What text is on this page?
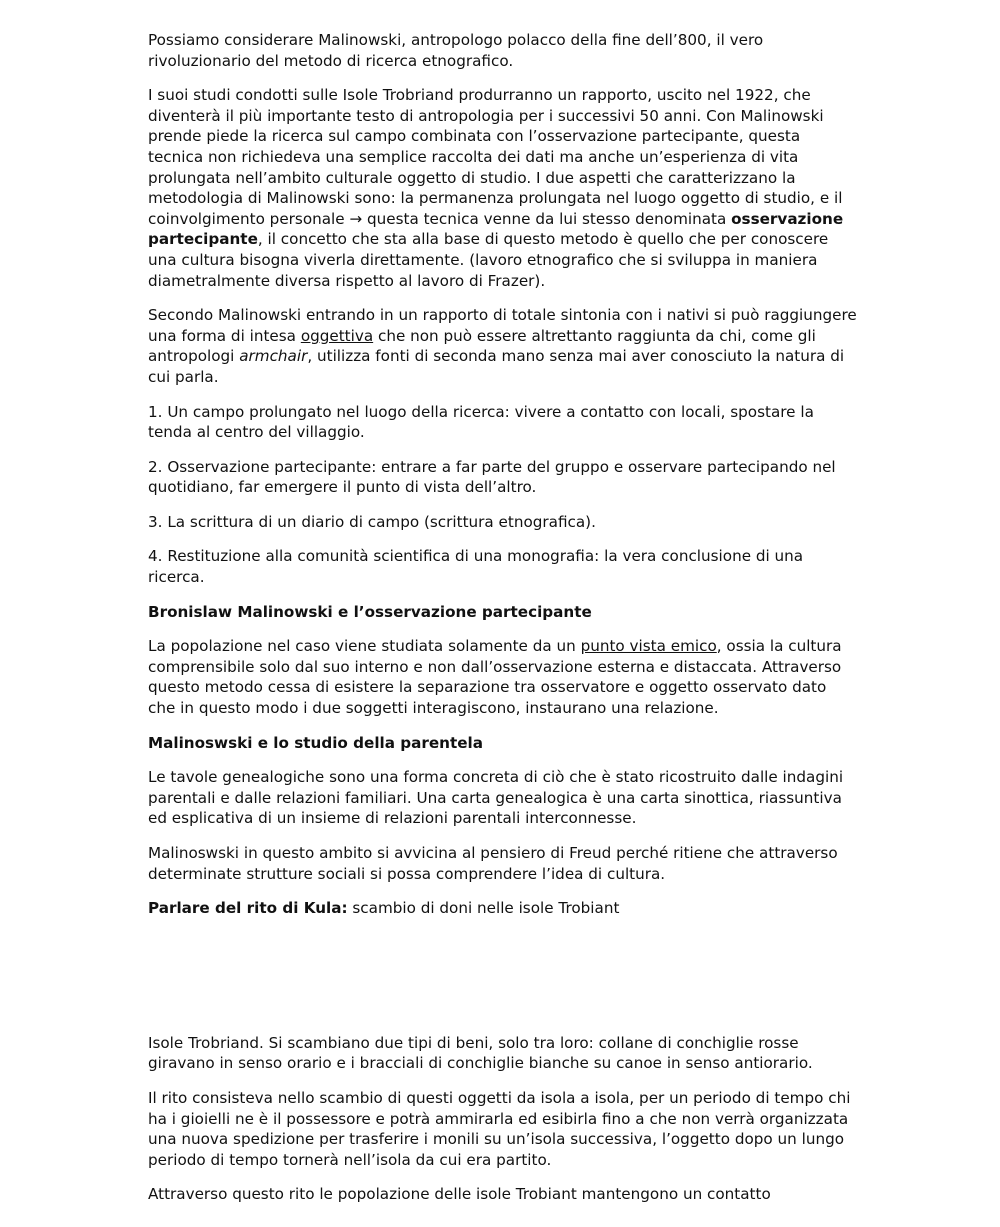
Possiamo considerare Malinowski, antropologo polacco della fine dell’800, il vero rivoluzionario del metodo di ricerca etnografico.

I suoi studi condotti sulle Isole Trobriand produrranno un rapporto, uscito nel 1922, che diventerà il più importante testo di antropologia per i successivi 50 anni. Con Malinowski prende piede la ricerca sul campo combinata con l’osservazione partecipante, questa tecnica non richiedeva una semplice raccolta dei dati ma anche un’esperienza di vita prolungata nell’ambito culturale oggetto di studio. I due aspetti che caratterizzano la metodologia di Malinowski sono: la permanenza prolungata nel luogo oggetto di studio, e il coinvolgimento personale → questa tecnica venne da lui stesso denominata osservazione partecipante, il concetto che sta alla base di questo metodo è quello che per conoscere una cultura bisogna viverla direttamente. (lavoro etnografico che si sviluppa in maniera diametralmente diversa rispetto al lavoro di Frazer).

Secondo Malinowski entrando in un rapporto di totale sintonia con i nativi si può raggiungere una forma di intesa oggettiva che non può essere altrettanto raggiunta da chi, come gli antropologi armchair, utilizza fonti di seconda mano senza mai aver conosciuto la natura di cui parla.

1. Un campo prolungato nel luogo della ricerca: vivere a contatto con locali, spostare la tenda al centro del villaggio.

2. Osservazione partecipante: entrare a far parte del gruppo e osservare partecipando nel quotidiano, far emergere il punto di vista dell’altro.

3. La scrittura di un diario di campo (scrittura etnografica).

4. Restituzione alla comunità scientifica di una monografia: la vera conclusione di una ricerca.

Bronislaw Malinowski e l’osservazione partecipante

La popolazione nel caso viene studiata solamente da un punto vista emico, ossia la cultura comprensibile solo dal suo interno e non dall’osservazione esterna e distaccata. Attraverso questo metodo cessa di esistere la separazione tra osservatore e oggetto osservato dato che in questo modo i due soggetti interagiscono, instaurano una relazione.

Malinoswski e lo studio della parentela

Le tavole genealogiche sono una forma concreta di ciò che è stato ricostruito dalle indagini parentali e dalle relazioni familiari. Una carta genealogica è una carta sinottica, riassuntiva ed esplicativa di un insieme di relazioni parentali interconnesse.

Malinoswski in questo ambito si avvicina al pensiero di Freud perché ritiene che attraverso determinate strutture sociali si possa comprendere l’idea di cultura.

Parlare del rito di Kula: scambio di doni nelle isole Trobiant

Isole Trobriand. Si scambiano due tipi di beni, solo tra loro: collane di conchiglie rosse giravano in senso orario e i bracciali di conchiglie bianche su canoe in senso antiorario.

Il rito consisteva nello scambio di questi oggetti da isola a isola, per un periodo di tempo chi ha i gioielli ne è il possessore e potrà ammirarla ed esibirla fino a che non verrà organizzata una nuova spedizione per trasferire i monili su un’isola successiva, l’oggetto dopo un lungo periodo di tempo tornerà nell’isola da cui era partito.

Attraverso questo rito le popolazione delle isole Trobiant mantengono un contatto
